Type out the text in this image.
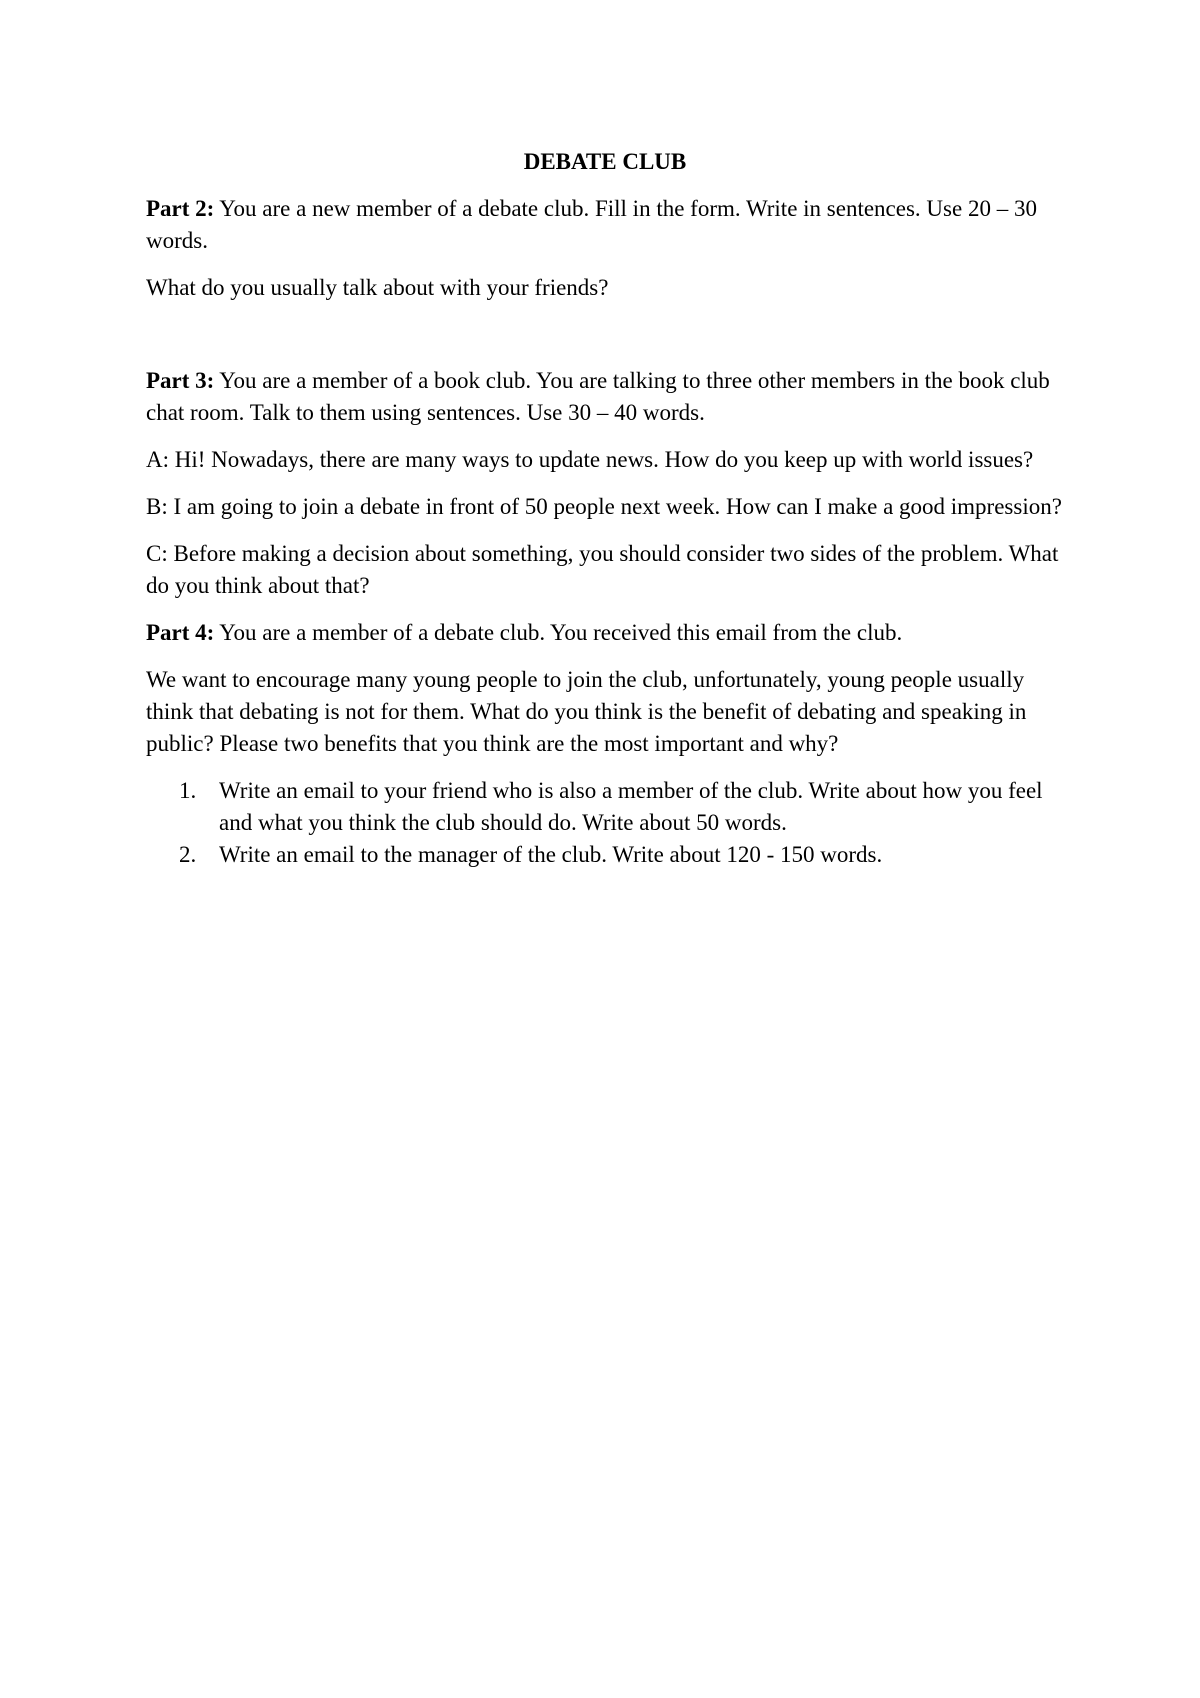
DEBATE CLUB

Part 2: You are a new member of a debate club. Fill in the form. Write in sentences. Use 20 – 30 words.

What do you usually talk about with your friends?

Part 3: You are a member of a book club. You are talking to three other members in the book club chat room. Talk to them using sentences. Use 30 – 40 words.

A: Hi! Nowadays, there are many ways to update news. How do you keep up with world issues?

B: I am going to join a debate in front of 50 people next week. How can I make a good impression?

C: Before making a decision about something, you should consider two sides of the problem. What do you think about that?

Part 4: You are a member of a debate club. You received this email from the club.

We want to encourage many young people to join the club, unfortunately, young people usually think that debating is not for them. What do you think is the benefit of debating and speaking in public? Please two benefits that you think are the most important and why?

1. Write an email to your friend who is also a member of the club. Write about how you feel and what you think the club should do. Write about 50 words.
2. Write an email to the manager of the club. Write about 120 - 150 words.
